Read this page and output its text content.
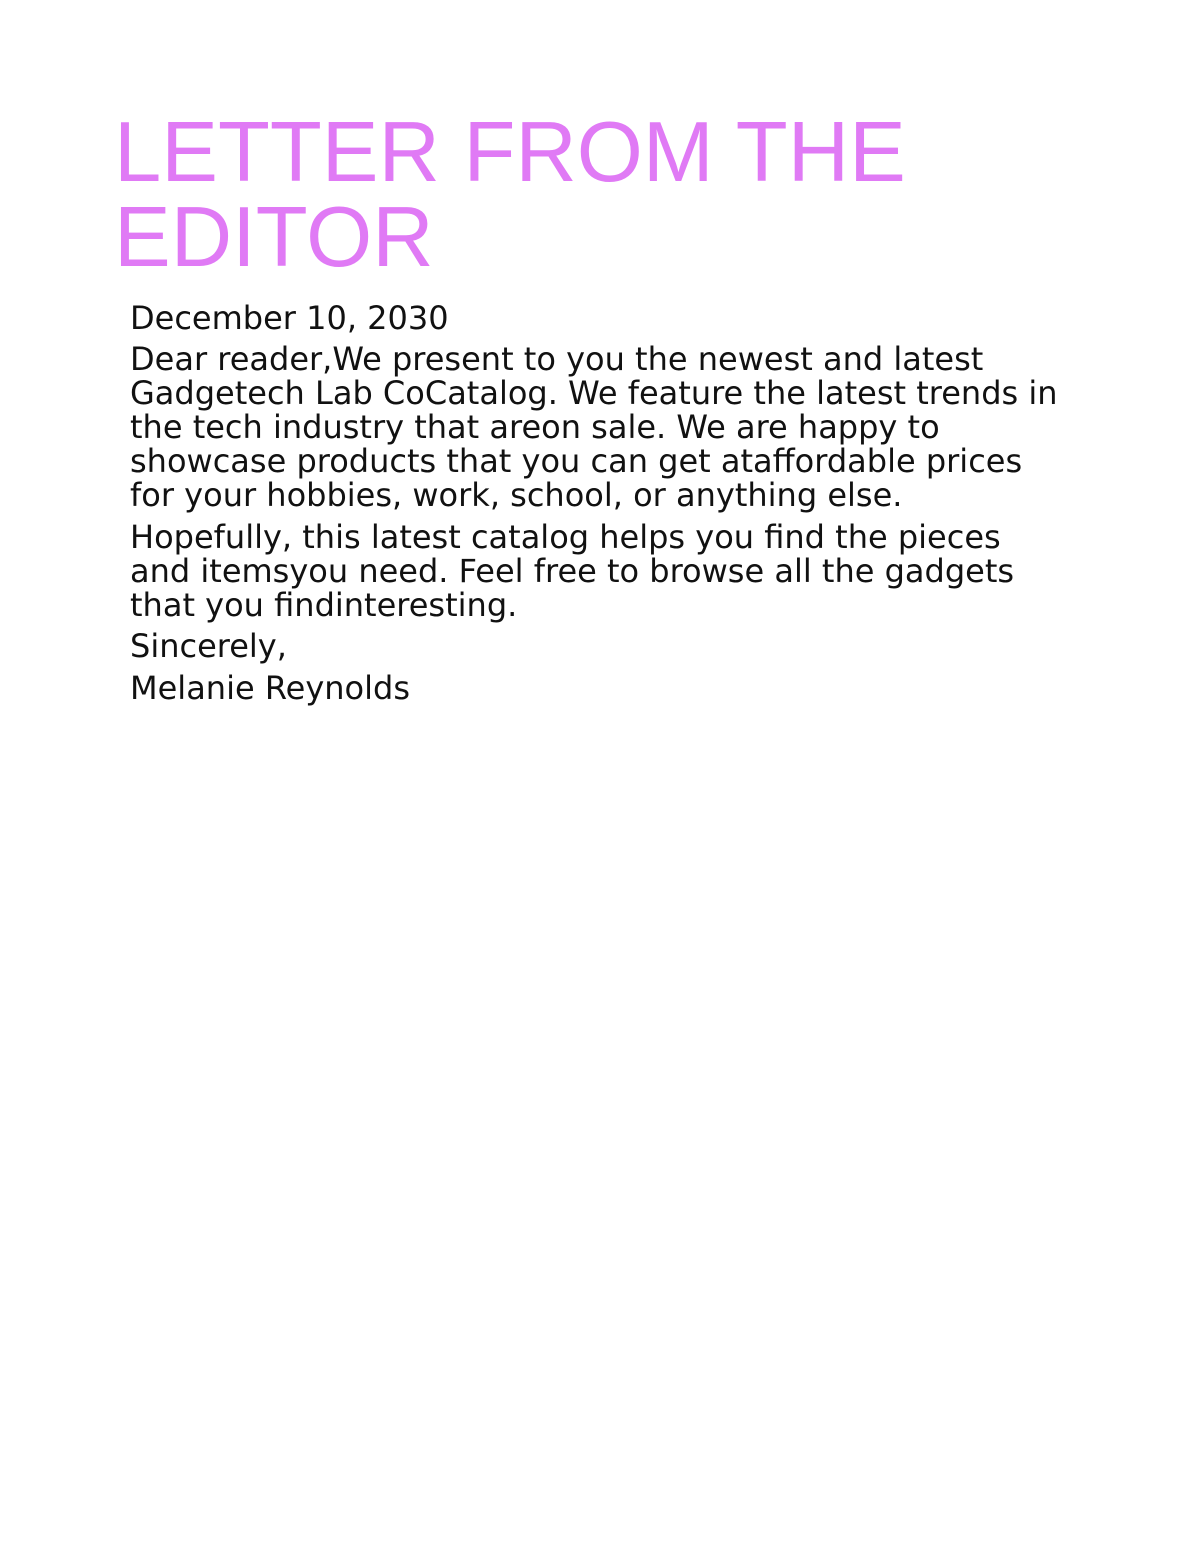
LETTER FROM THE
EDITOR

December 10, 2030

Dear reader,We present to you the newest and latest Gadgetech Lab CoCatalog. We feature the latest trends in the tech industry that areon sale. We are happy to showcase products that you can get ataffordable prices for your hobbies, work, school, or anything else.

Hopefully, this latest catalog helps you find the pieces and itemsyou need. Feel free to browse all the gadgets that you findinteresting.

Sincerely,

Melanie Reynolds
